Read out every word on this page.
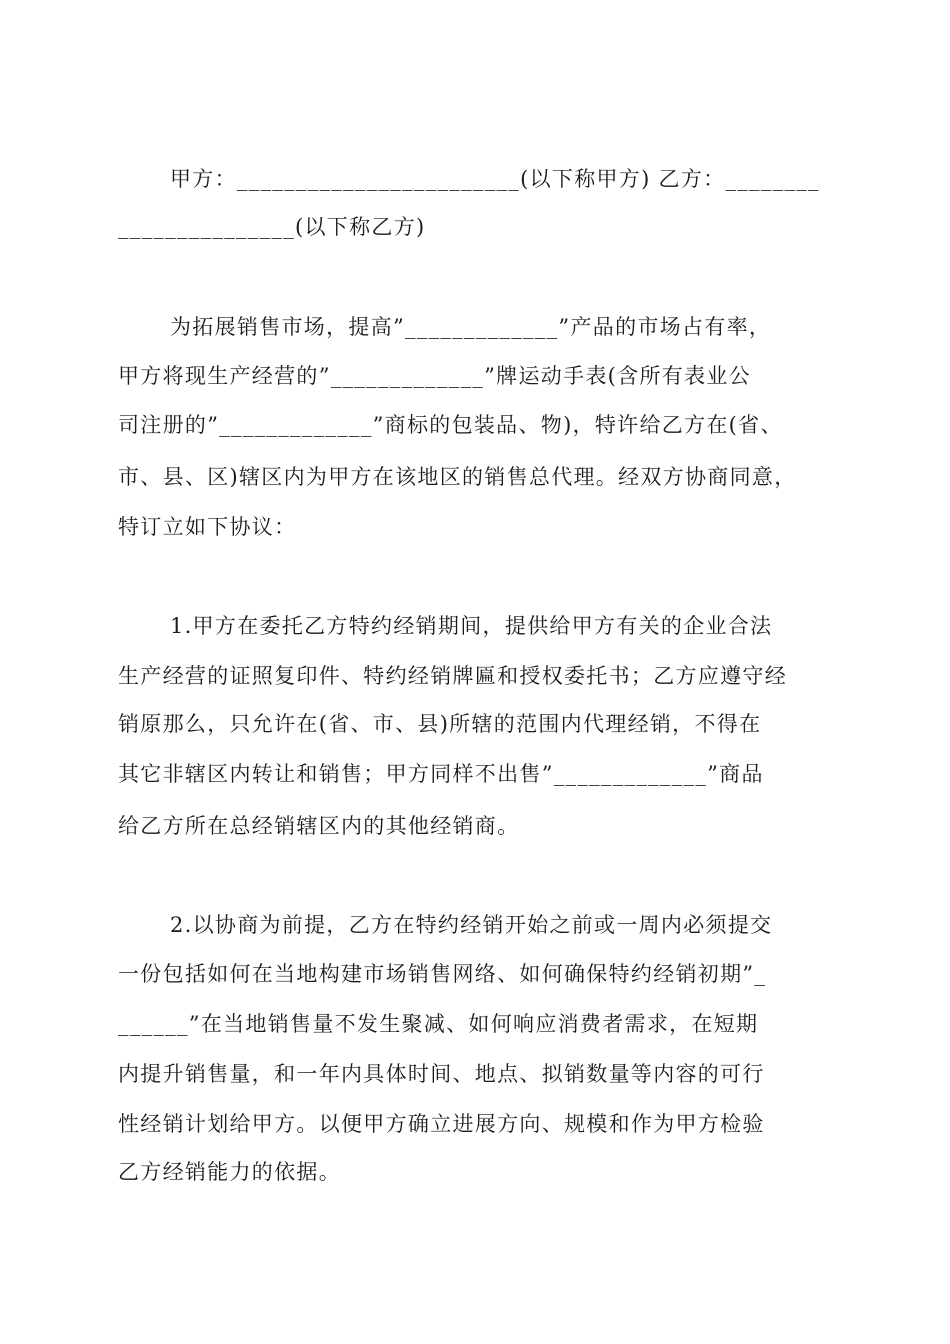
甲方：________________________(以下称甲方) 乙方：________
_______________(以下称乙方)
为拓展销售市场，提高”_____________”产品的市场占有率，
甲方将现生产经营的”_____________”牌运动手表(含所有表业公
司注册的”_____________”商标的包装品、物)，特许给乙方在(省、
市、县、区)辖区内为甲方在该地区的销售总代理。经双方协商同意，
特订立如下协议：
1.甲方在委托乙方特约经销期间，提供给甲方有关的企业合法
生产经营的证照复印件、特约经销牌匾和授权委托书；乙方应遵守经
销原那么，只允许在(省、市、县)所辖的范围内代理经销，不得在
其它非辖区内转让和销售；甲方同样不出售”_____________”商品
给乙方所在总经销辖区内的其他经销商。
2.以协商为前提，乙方在特约经销开始之前或一周内必须提交
一份包括如何在当地构建市场销售网络、如何确保特约经销初期”_
______”在当地销售量不发生聚减、如何响应消费者需求，在短期
内提升销售量，和一年内具体时间、地点、拟销数量等内容的可行
性经销计划给甲方。以便甲方确立进展方向、规模和作为甲方检验
乙方经销能力的依据。
